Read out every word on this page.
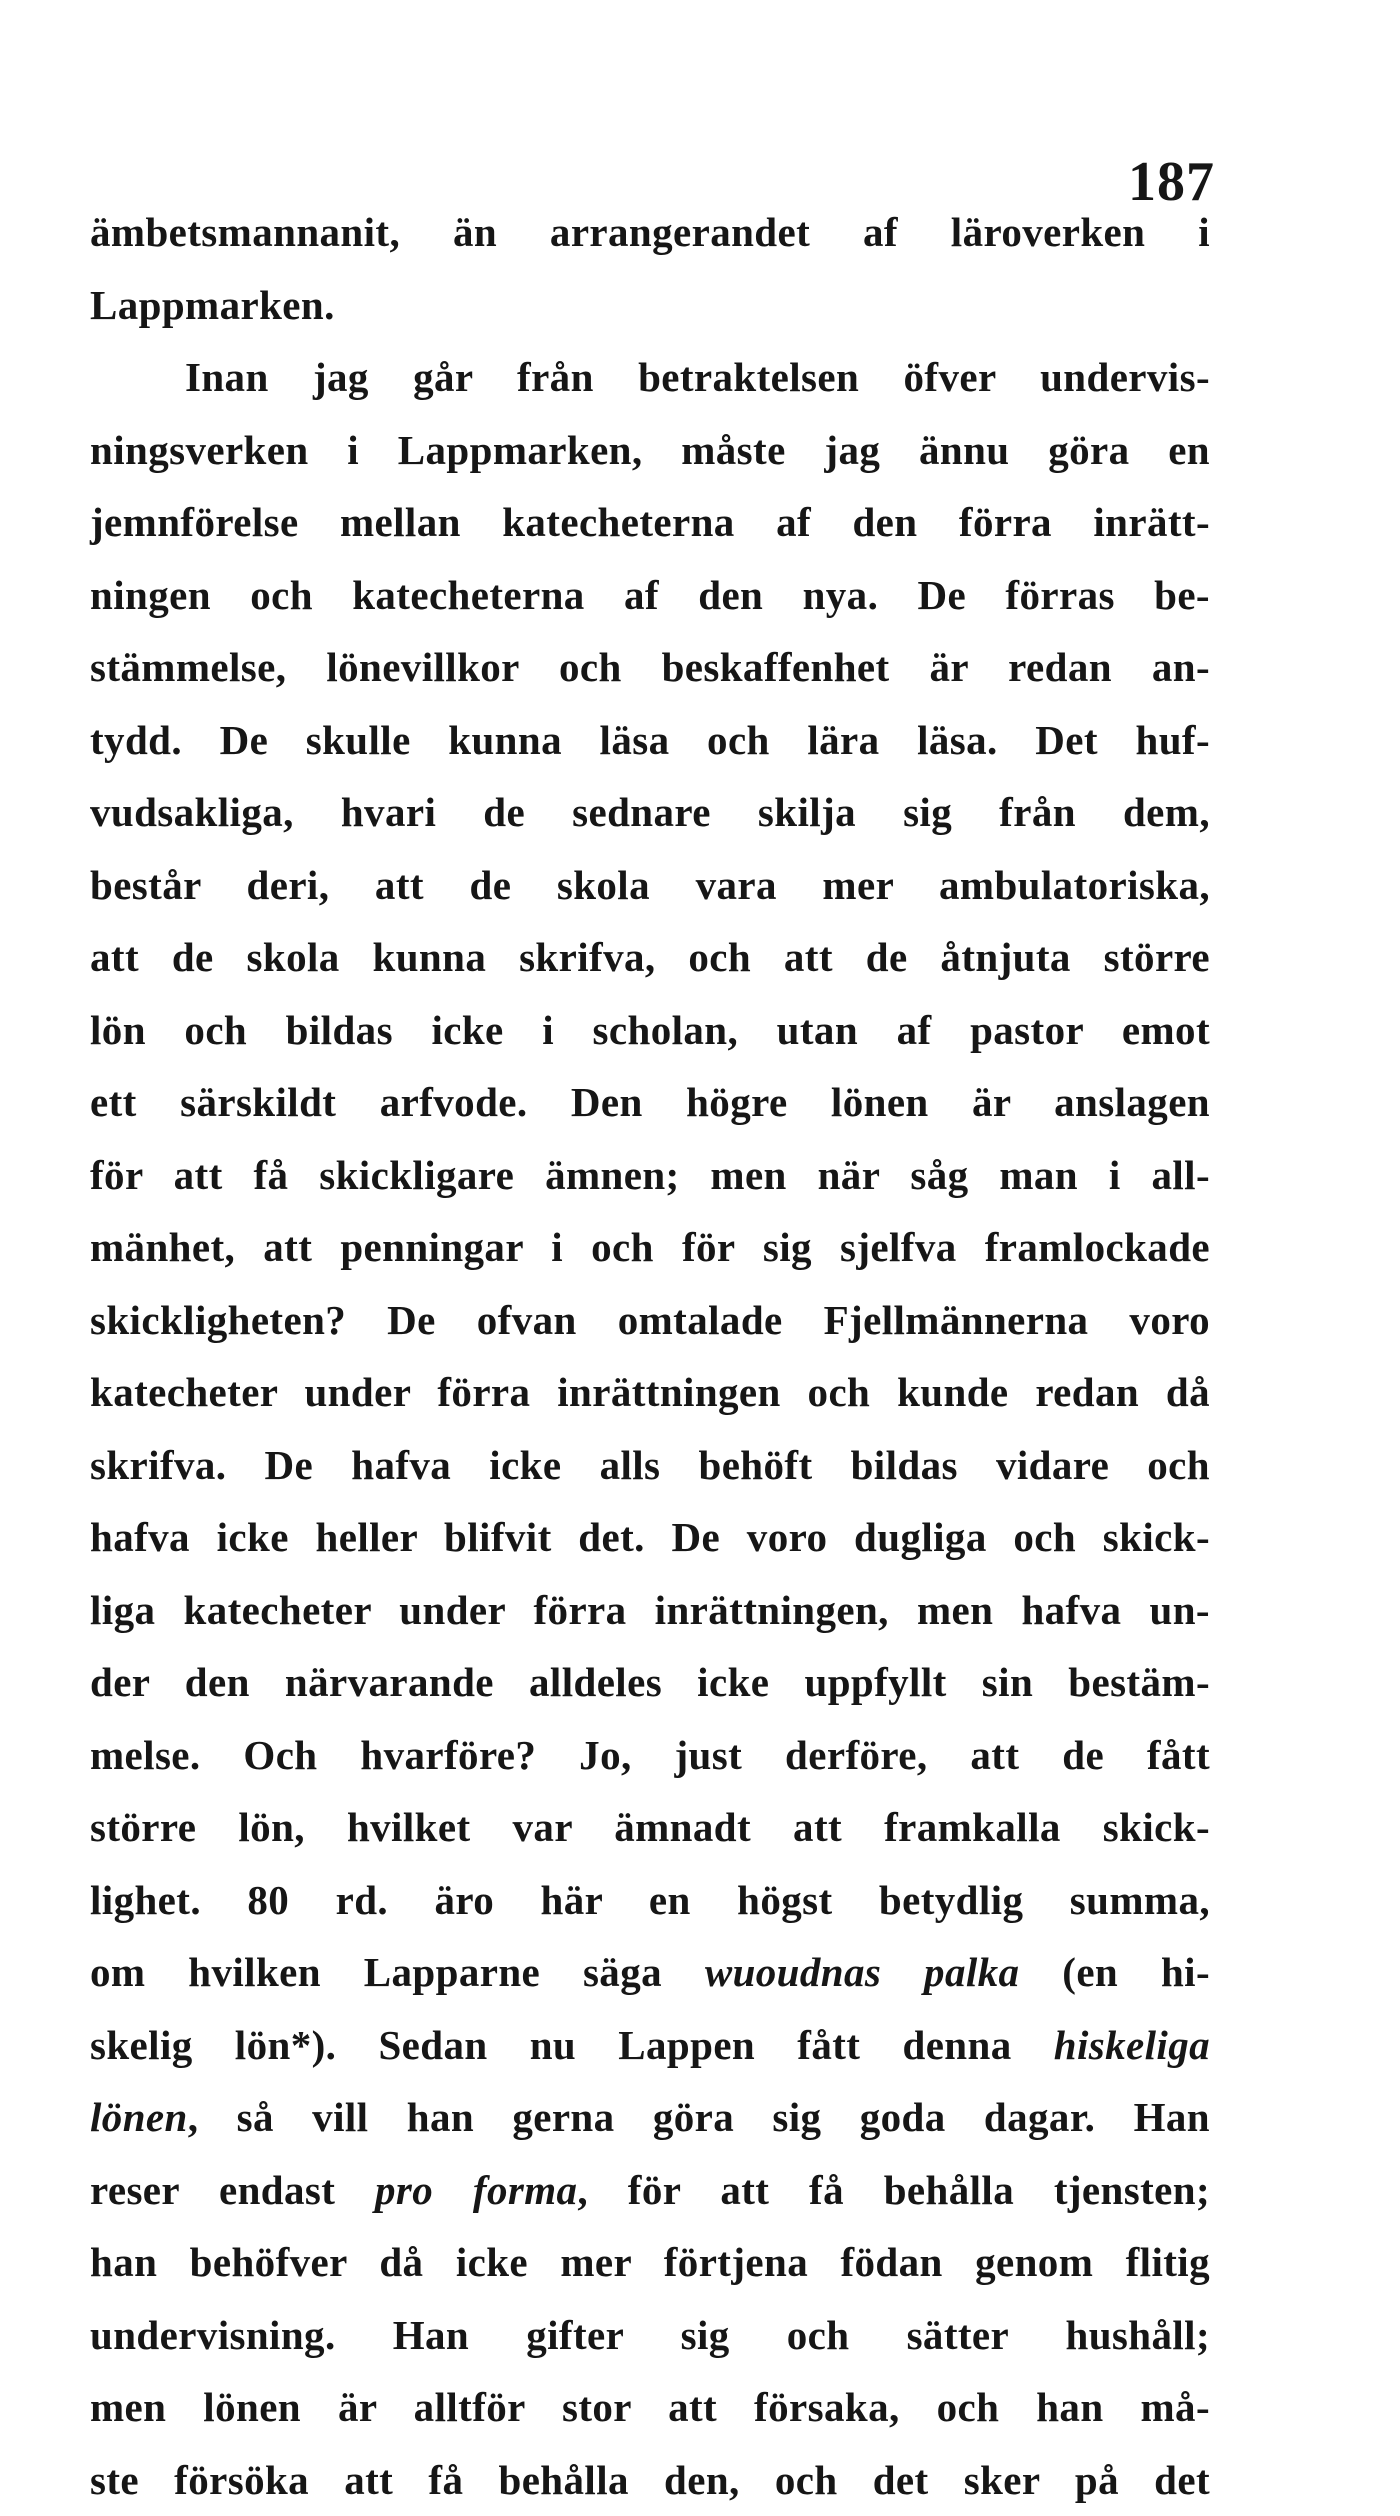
187
ämbetsmannanit, än arrangerandet af läroverken i
Lappmarken.
Inan jag går från betraktelsen öfver undervis-
ningsverken i Lappmarken, måste jag ännu göra en
jemnförelse mellan katecheterna af den förra inrätt-
ningen och katecheterna af den nya. De förras be-
stämmelse, lönevillkor och beskaffenhet är redan an-
tydd. De skulle kunna läsa och lära läsa. Det huf-
vudsakliga, hvari de sednare skilja sig från dem,
består deri, att de skola vara mer ambulatoriska,
att de skola kunna skrifva, och att de åtnjuta större
lön och bildas icke i scholan, utan af pastor emot
ett särskildt arfvode. Den högre lönen är anslagen
för att få skickligare ämnen; men när såg man i all-
mänhet, att penningar i och för sig sjelfva framlockade
skickligheten? De ofvan omtalade Fjellmännerna voro
katecheter under förra inrättningen och kunde redan då
skrifva. De hafva icke alls behöft bildas vidare och
hafva icke heller blifvit det. De voro dugliga och skick-
liga katecheter under förra inrättningen, men hafva un-
der den närvarande alldeles icke uppfyllt sin bestäm-
melse. Och hvarföre? Jo, just derföre, att de fått
större lön, hvilket var ämnadt att framkalla skick-
lighet. 80 rd. äro här en högst betydlig summa,
om hvilken Lapparne säga wuoudnas palka (en hi-
skelig lön*). Sedan nu Lappen fått denna hiskeliga
lönen, så vill han gerna göra sig goda dagar. Han
reser endast pro forma, för att få behålla tjensten;
han behöfver då icke mer förtjena födan genom flitig
undervisning. Han gifter sig och sätter hushåll;
men lönen är alltför stor att försaka, och han må-
ste försöka att få behålla den, och det sker på det
